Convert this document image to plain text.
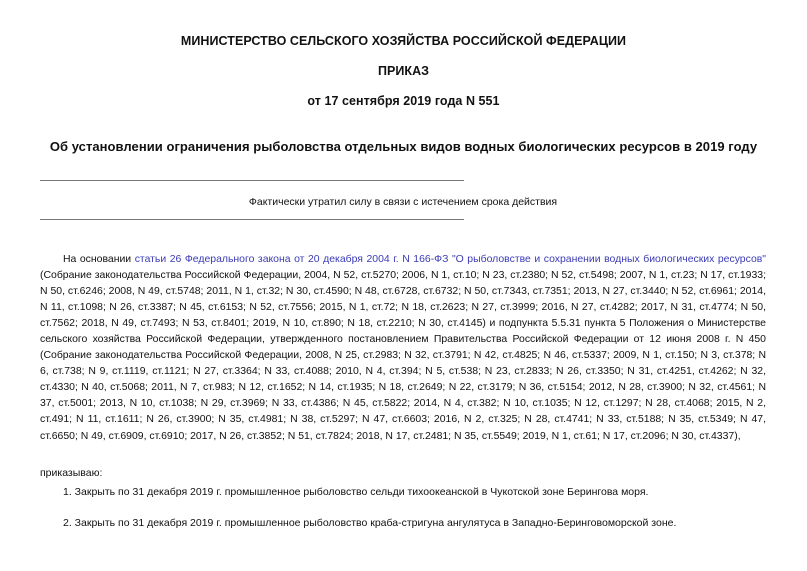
МИНИСТЕРСТВО СЕЛЬСКОГО ХОЗЯЙСТВА РОССИЙСКОЙ ФЕДЕРАЦИИ
ПРИКАЗ
от 17 сентября 2019 года N 551
Об установлении ограничения рыболовства отдельных видов водных биологических ресурсов в 2019 году
Фактически утратил силу в связи с истечением срока действия
На основании статьи 26 Федерального закона от 20 декабря 2004 г. N 166-ФЗ "О рыболовстве и сохранении водных биологических ресурсов" (Собрание законодательства Российской Федерации, 2004, N 52, ст.5270; 2006, N 1, ст.10; N 23, ст.2380; N 52, ст.5498; 2007, N 1, ст.23; N 17, ст.1933; N 50, ст.6246; 2008, N 49, ст.5748; 2011, N 1, ст.32; N 30, ст.4590; N 48, ст.6728, ст.6732; N 50, ст.7343, ст.7351; 2013, N 27, ст.3440; N 52, ст.6961; 2014, N 11, ст.1098; N 26, ст.3387; N 45, ст.6153; N 52, ст.7556; 2015, N 1, ст.72; N 18, ст.2623; N 27, ст.3999; 2016, N 27, ст.4282; 2017, N 31, ст.4774; N 50, ст.7562; 2018, N 49, ст.7493; N 53, ст.8401; 2019, N 10, ст.890; N 18, ст.2210; N 30, ст.4145) и подпункта 5.5.31 пункта 5 Положения о Министерстве сельского хозяйства Российской Федерации, утвержденного постановлением Правительства Российской Федерации от 12 июня 2008 г. N 450 (Собрание законодательства Российской Федерации, 2008, N 25, ст.2983; N 32, ст.3791; N 42, ст.4825; N 46, ст.5337; 2009, N 1, ст.150; N 3, ст.378; N 6, ст.738; N 9, ст.1119, ст.1121; N 27, ст.3364; N 33, ст.4088; 2010, N 4, ст.394; N 5, ст.538; N 23, ст.2833; N 26, ст.3350; N 31, ст.4251, ст.4262; N 32, ст.4330; N 40, ст.5068; 2011, N 7, ст.983; N 12, ст.1652; N 14, ст.1935; N 18, ст.2649; N 22, ст.3179; N 36, ст.5154; 2012, N 28, ст.3900; N 32, ст.4561; N 37, ст.5001; 2013, N 10, ст.1038; N 29, ст.3969; N 33, ст.4386; N 45, ст.5822; 2014, N 4, ст.382; N 10, ст.1035; N 12, ст.1297; N 28, ст.4068; 2015, N 2, ст.491; N 11, ст.1611; N 26, ст.3900; N 35, ст.4981; N 38, ст.5297; N 47, ст.6603; 2016, N 2, ст.325; N 28, ст.4741; N 33, ст.5188; N 35, ст.5349; N 47, ст.6650; N 49, ст.6909, ст.6910; 2017, N 26, ст.3852; N 51, ст.7824; 2018, N 17, ст.2481; N 35, ст.5549; 2019, N 1, ст.61; N 17, ст.2096; N 30, ст.4337),
приказываю:
1. Закрыть по 31 декабря 2019 г. промышленное рыболовство сельди тихоокеанской в Чукотской зоне Берингова моря.
2. Закрыть по 31 декабря 2019 г. промышленное рыболовство краба-стригуна ангулятуса в Западно-Беринговоморской зоне.
